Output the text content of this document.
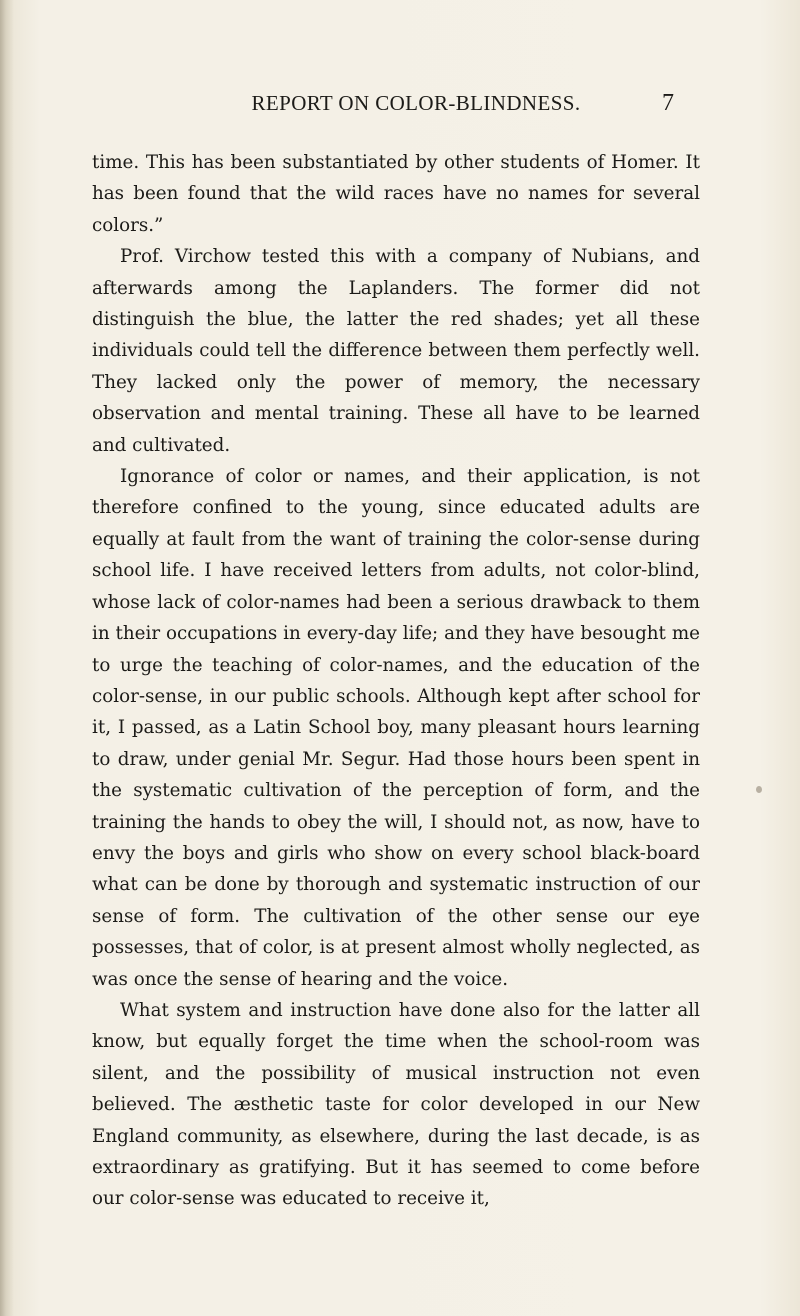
REPORT ON COLOR-BLINDNESS.	7

time. This has been substantiated by other students of Homer. It has been found that the wild races have no names for several colors.”

Prof. Virchow tested this with a company of Nubians, and afterwards among the Laplanders. The former did not distinguish the blue, the latter the red shades; yet all these individuals could tell the difference between them perfectly well. They lacked only the power of memory, the necessary observation and mental training. These all have to be learned and cultivated.

Ignorance of color or names, and their application, is not therefore confined to the young, since educated adults are equally at fault from the want of training the color-sense during school life. I have received letters from adults, not color-blind, whose lack of color-names had been a serious drawback to them in their occupations in every-day life; and they have besought me to urge the teaching of color-names, and the education of the color-sense, in our public schools. Although kept after school for it, I passed, as a Latin School boy, many pleasant hours learning to draw, under genial Mr. Segur. Had those hours been spent in the systematic cultivation of the perception of form, and the training the hands to obey the will, I should not, as now, have to envy the boys and girls who show on every school black-board what can be done by thorough and systematic instruction of our sense of form. The cultivation of the other sense our eye possesses, that of color, is at present almost wholly neglected, as was once the sense of hearing and the voice.

What system and instruction have done also for the latter all know, but equally forget the time when the school-room was silent, and the possibility of musical instruction not even believed. The æsthetic taste for color developed in our New England community, as elsewhere, during the last decade, is as extraordinary as gratifying. But it has seemed to come before our color-sense was educated to receive it,
